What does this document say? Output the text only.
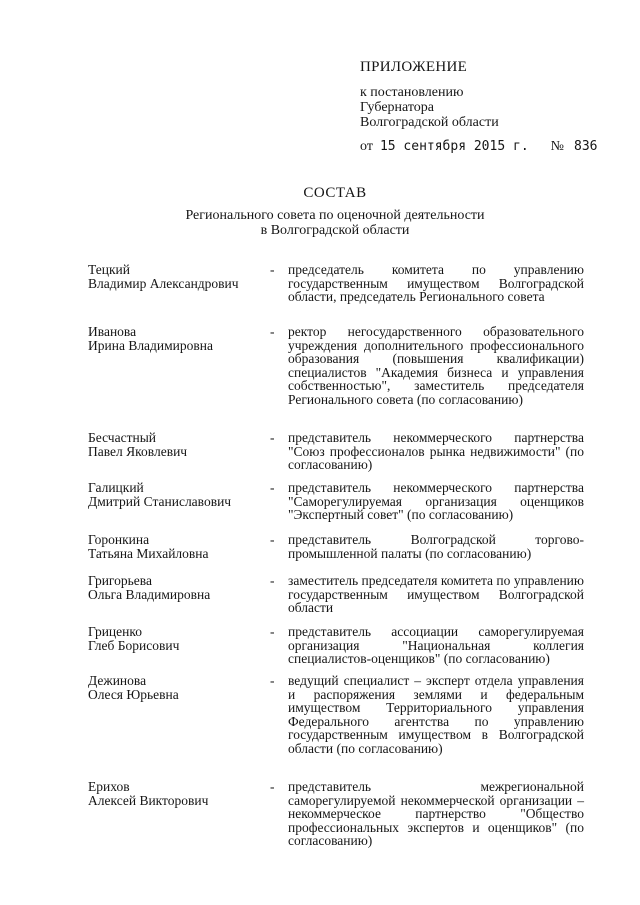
ПРИЛОЖЕНИЕ
к постановлению
Губернатора
Волгоградской области
от 15 сентября 2015 г. № 836
СОСТАВ
Регионального совета по оценочной деятельности
в Волгоградской области
Тецкий
Владимир Александрович
-	председатель комитета по управлению государственным имуществом Волгоградской области, председатель Регионального совета
Иванова
Ирина Владимировна
-	ректор негосударственного образовательного учреждения дополнительного профессионального образования (повышения квалификации) специалистов "Академия бизнеса и управления собственностью", заместитель председателя Регионального совета (по согласованию)
Бесчастный
Павел Яковлевич
-	представитель некоммерческого партнерства "Союз профессионалов рынка недвижимости" (по согласованию)
Галицкий
Дмитрий Станиславович
-	представитель некоммерческого партнерства "Саморегулируемая организация оценщиков "Экспертный совет" (по согласованию)
Горонкина
Татьяна Михайловна
-	представитель Волгоградской торгово-промышленной палаты (по согласованию)
Григорьева
Ольга Владимировна
-	заместитель председателя комитета по управлению государственным имуществом Волгоградской области
Гриценко
Глеб Борисович
-	представитель ассоциации саморегулируемая организация "Национальная коллегия специалистов-оценщиков" (по согласованию)
Дежинова
Олеся Юрьевна
-	ведущий специалист – эксперт отдела управления и распоряжения землями и федеральным имуществом Территориального управления Федерального агентства по управлению государственным имуществом в Волгоградской области (по согласованию)
Ерихов
Алексей Викторович
-	представитель межрегиональной саморегулируемой некоммерческой организации – некоммерческое партнерство "Общество профессиональных экспертов и оценщиков" (по согласованию)
